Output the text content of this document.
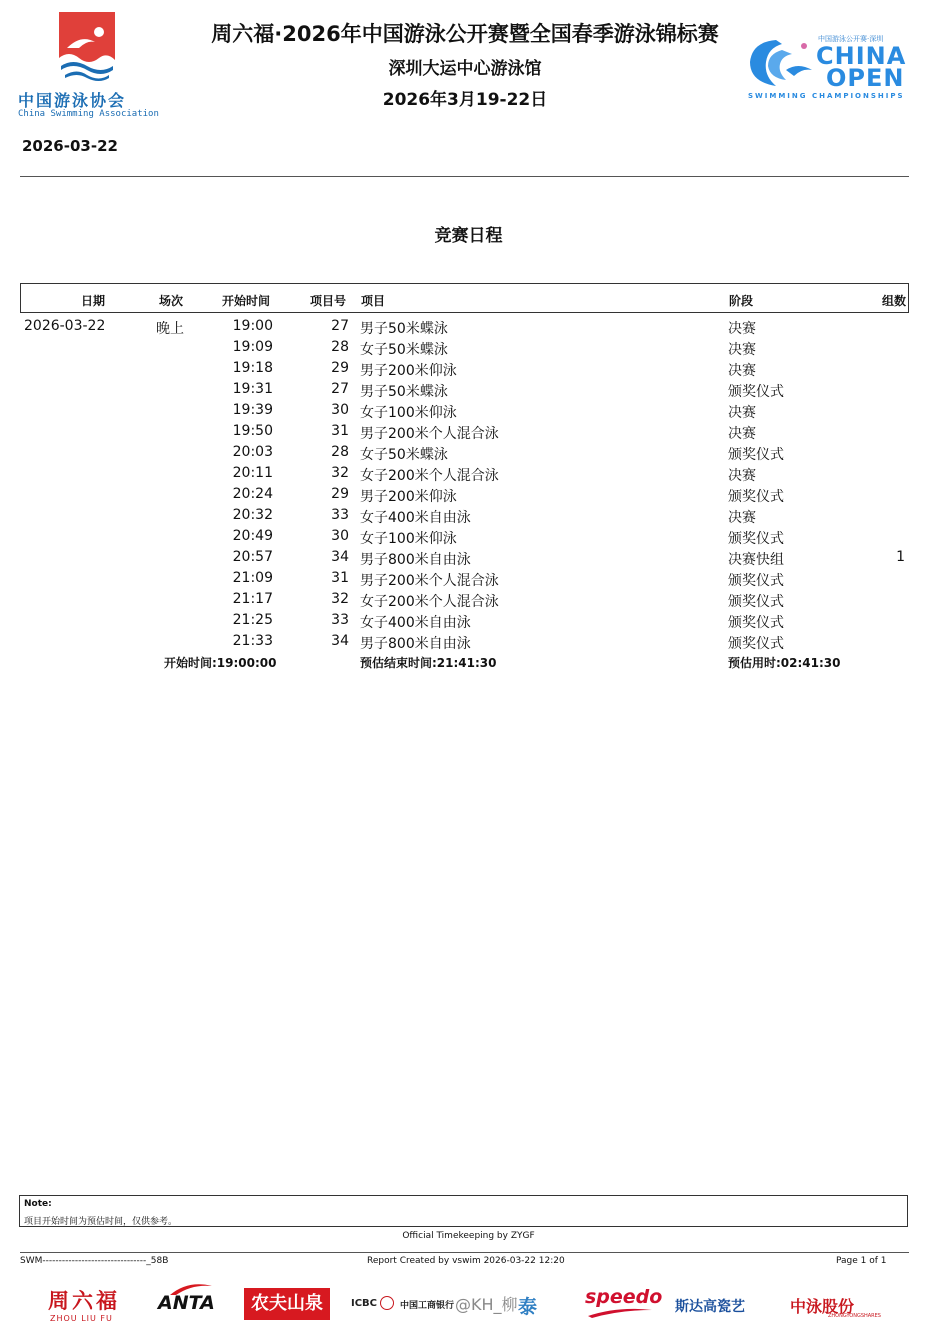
中国游泳协会
China Swimming Association
周六福·2026年中国游泳公开赛暨全国春季游泳锦标赛
深圳大运中心游泳馆
2026年3月19-22日
中国游泳公开赛·深圳
CHINA
OPEN
SWIMMING CHAMPIONSHIPS
2026-03-22
竞赛日程
日期	场次	开始时间	项目号 项目	阶段	组数
2026-03-22	晚上	19:00	27 男子50米蝶泳	决赛
19:09	28 女子50米蝶泳	决赛
19:18	29 男子200米仰泳	决赛
19:31	27 男子50米蝶泳	颁奖仪式
19:39	30 女子100米仰泳	决赛
19:50	31 男子200米个人混合泳	决赛
20:03	28 女子50米蝶泳	颁奖仪式
20:11	32 女子200米个人混合泳	决赛
20:24	29 男子200米仰泳	颁奖仪式
20:32	33 女子400米自由泳	决赛
20:49	30 女子100米仰泳	颁奖仪式
20:57	34 男子800米自由泳	决赛快组	1
21:09	31 男子200米个人混合泳	颁奖仪式
21:17	32 女子200米个人混合泳	颁奖仪式
21:25	33 女子400米自由泳	颁奖仪式
21:33	34 男子800米自由泳	颁奖仪式
开始时间:19:00:00	预估结束时间:21:41:30	预估用时:02:41:30
Note:
项目开始时间为预估时间，仅供参考。
Official Timekeeping by ZYGF
SWM--------------------------------_58B	Report Created by vswim 2026-03-22 12:20	Page 1 of 1
周六福
ZHOU LIU FU
ANTA	农夫山泉	ICBC	中国工商银行 @KH_柳 泰 speedo 斯达高瓷艺	中泳股份
ZHONGYONGSHARES
